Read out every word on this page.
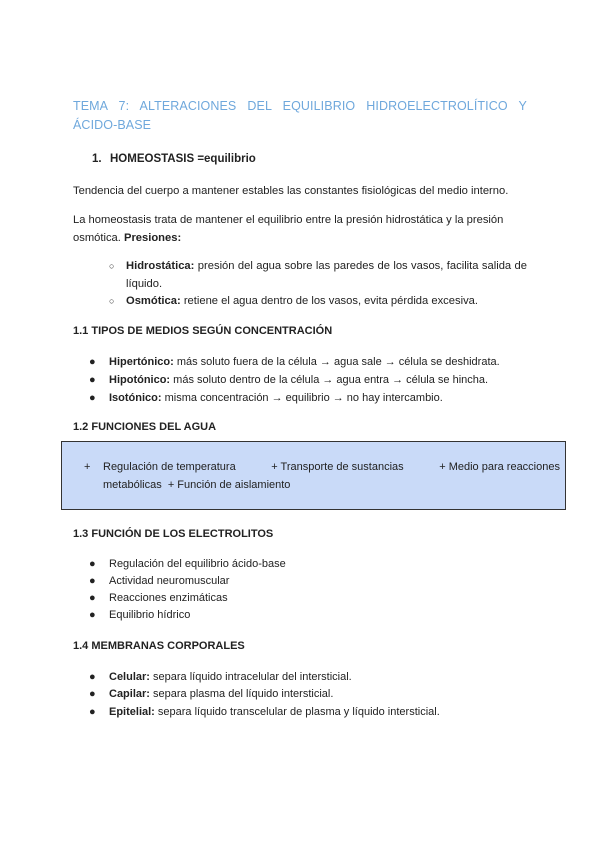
TEMA 7: ALTERACIONES DEL EQUILIBRIO HIDROELECTROLÍTICO Y
ÁCIDO-BASE
1. HOMEOSTASIS =equilibrio
Tendencia del cuerpo a mantener estables las constantes fisiológicas del medio interno.
La homeostasis trata de mantener el equilibrio entre la presión hidrostática y la presión
osmótica. Presiones:
○ Hidrostática: presión del agua sobre las paredes de los vasos, facilita salida de líquido.
○ Osmótica: retiene el agua dentro de los vasos, evita pérdida excesiva.
1.1 TIPOS DE MEDIOS SEGÚN CONCENTRACIÓN
● Hipertónico: más soluto fuera de la célula → agua sale → célula se deshidrata.
● Hipotónico: más soluto dentro de la célula → agua entra → célula se hincha.
● Isotónico: misma concentración → equilibrio → no hay intercambio.
1.2 FUNCIONES DEL AGUA
+ Regulación de temperatura	+ Transporte de sustancias	+ Medio para reacciones
metabólicas + Función de aislamiento
1.3 FUNCIÓN DE LOS ELECTROLITOS
● Regulación del equilibrio ácido-base
● Actividad neuromuscular
● Reacciones enzimáticas
● Equilibrio hídrico
1.4 MEMBRANAS CORPORALES
● Celular: separa líquido intracelular del intersticial.
● Capilar: separa plasma del líquido intersticial.
● Epitelial: separa líquido transcelular de plasma y líquido intersticial.
